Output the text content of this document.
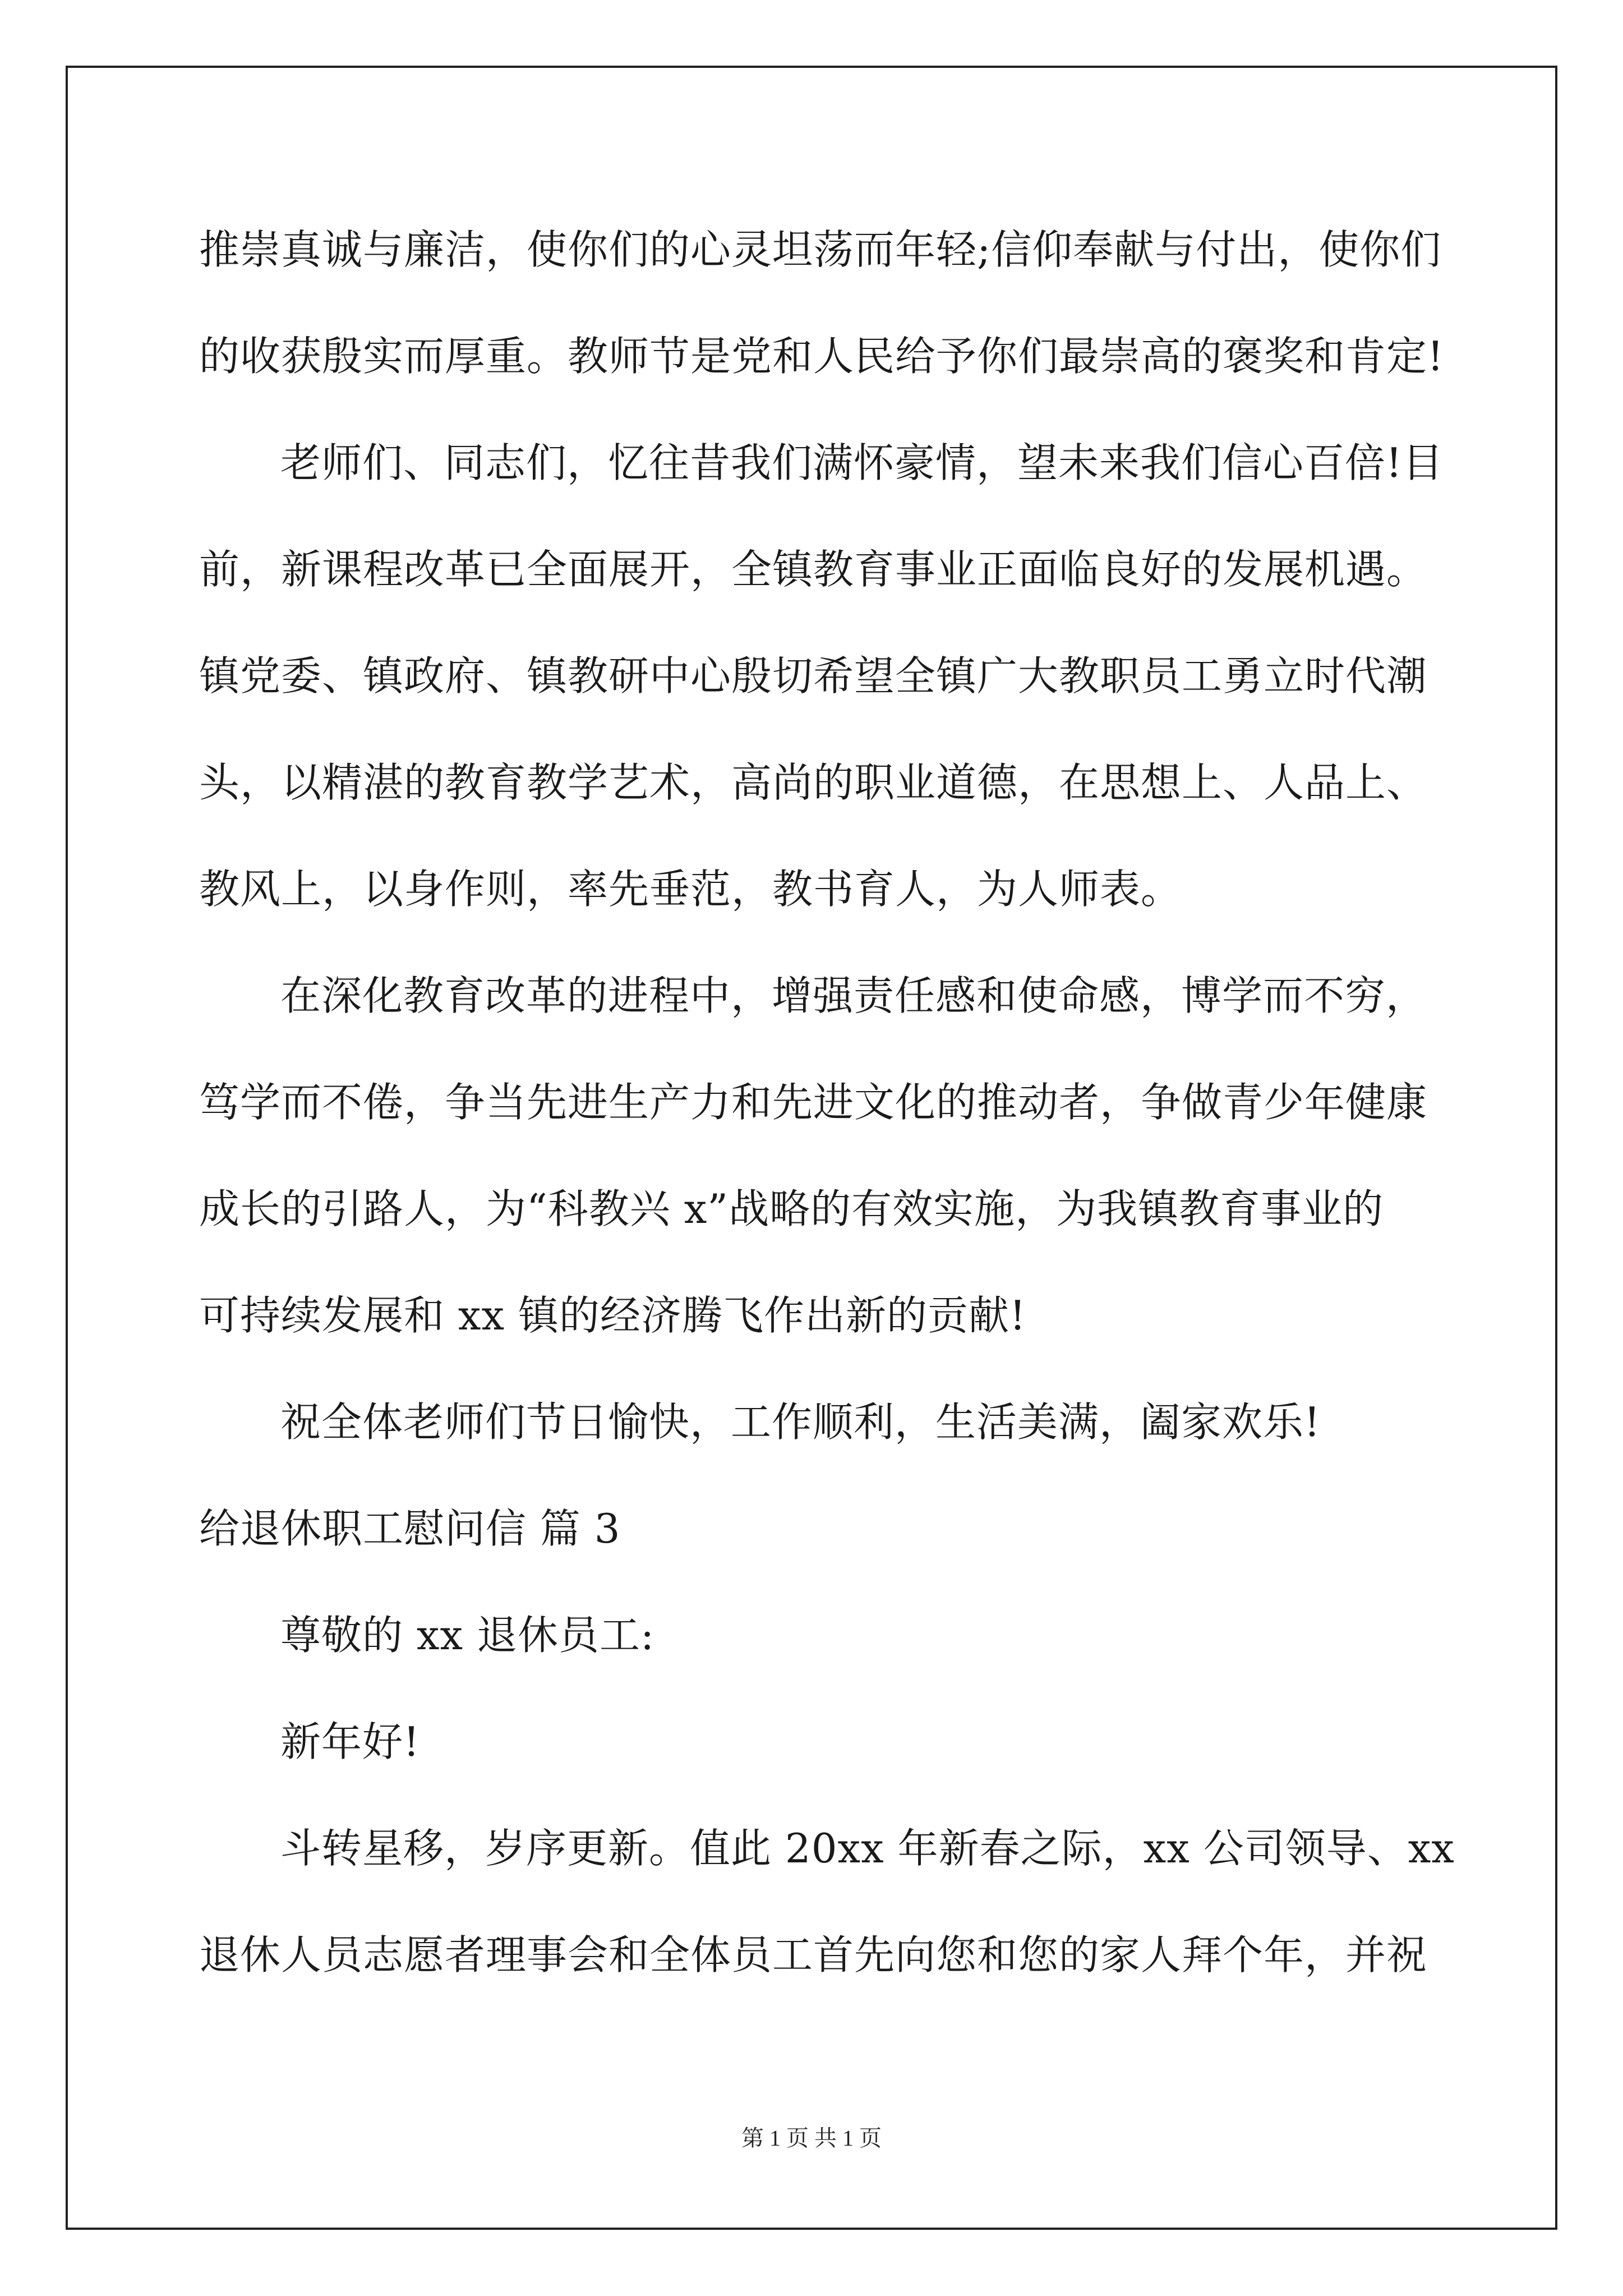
推崇真诚与廉洁，使你们的心灵坦荡而年轻;信仰奉献与付出，使你们
的收获殷实而厚重。教师节是党和人民给予你们最崇高的褒奖和肯定!
老师们、同志们，忆往昔我们满怀豪情，望未来我们信心百倍!目
前，新课程改革已全面展开，全镇教育事业正面临良好的发展机遇。
镇党委、镇政府、镇教研中心殷切希望全镇广大教职员工勇立时代潮
头，以精湛的教育教学艺术，高尚的职业道德，在思想上、人品上、
教风上，以身作则，率先垂范，教书育人，为人师表。
在深化教育改革的进程中，增强责任感和使命感，博学而不穷，
笃学而不倦，争当先进生产力和先进文化的推动者，争做青少年健康
成长的引路人，为“科教兴 x”战略的有效实施，为我镇教育事业的
可持续发展和 xx 镇的经济腾飞作出新的贡献!
祝全体老师们节日愉快，工作顺利，生活美满，阖家欢乐!
给退休职工慰问信 篇 3
尊敬的 xx 退休员工:
新年好!
斗转星移，岁序更新。值此 20xx 年新春之际，xx 公司领导、xx
退休人员志愿者理事会和全体员工首先向您和您的家人拜个年，并祝
第 1 页 共 1 页
